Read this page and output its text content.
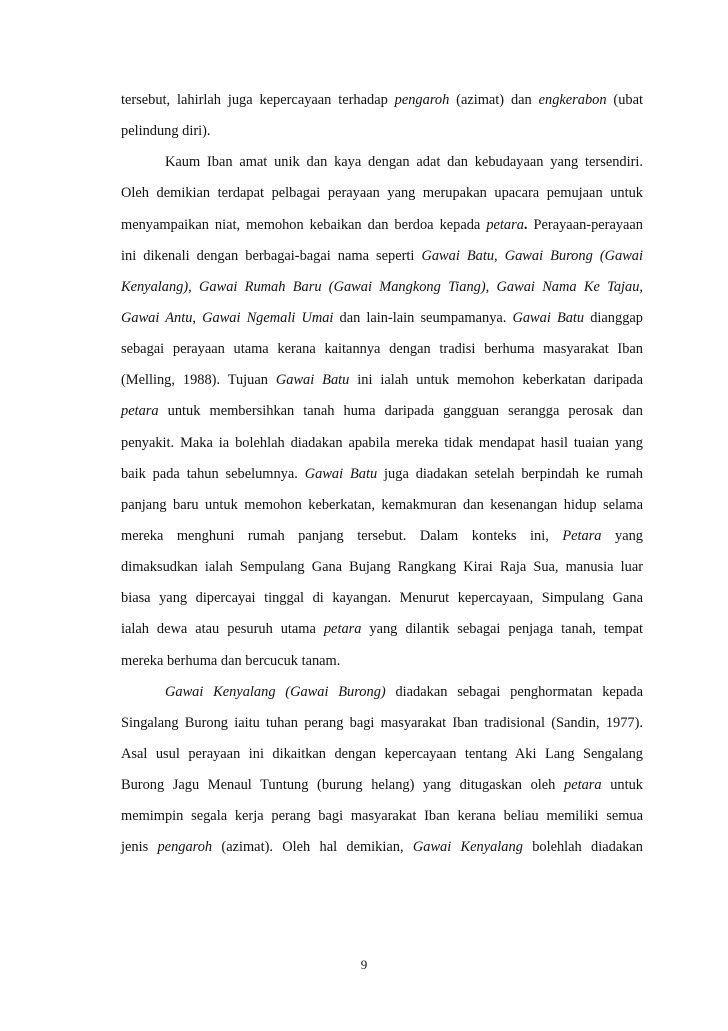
tersebut, lahirlah juga kepercayaan terhadap pengaroh (azimat) dan engkerabon (ubat
pelindung diri).
Kaum Iban amat unik dan kaya dengan adat dan kebudayaan yang tersendiri.
Oleh demikian terdapat pelbagai perayaan yang merupakan upacara pemujaan untuk
menyampaikan niat, memohon kebaikan dan berdoa kepada petara. Perayaan-perayaan
ini dikenali dengan berbagai-bagai nama seperti Gawai Batu, Gawai Burong (Gawai
Kenyalang), Gawai Rumah Baru (Gawai Mangkong Tiang), Gawai Nama Ke Tajau,
Gawai Antu, Gawai Ngemali Umai dan lain-lain seumpamanya. Gawai Batu dianggap
sebagai perayaan utama kerana kaitannya dengan tradisi berhuma masyarakat Iban
(Melling, 1988). Tujuan Gawai Batu ini ialah untuk memohon keberkatan daripada
petara untuk membersihkan tanah huma daripada gangguan serangga perosak dan
penyakit. Maka ia bolehlah diadakan apabila mereka tidak mendapat hasil tuaian yang
baik pada tahun sebelumnya. Gawai Batu juga diadakan setelah berpindah ke rumah
panjang baru untuk memohon keberkatan, kemakmuran dan kesenangan hidup selama
mereka menghuni rumah panjang tersebut. Dalam konteks ini, Petara yang
dimaksudkan ialah Sempulang Gana Bujang Rangkang Kirai Raja Sua, manusia luar
biasa yang dipercayai tinggal di kayangan. Menurut kepercayaan, Simpulang Gana
ialah dewa atau pesuruh utama petara yang dilantik sebagai penjaga tanah, tempat
mereka berhuma dan bercucuk tanam.
Gawai Kenyalang (Gawai Burong) diadakan sebagai penghormatan kepada
Singalang Burong iaitu tuhan perang bagi masyarakat Iban tradisional (Sandin, 1977).
Asal usul perayaan ini dikaitkan dengan kepercayaan tentang Aki Lang Sengalang
Burong Jagu Menaul Tuntung (burung helang) yang ditugaskan oleh petara untuk
memimpin segala kerja perang bagi masyarakat Iban kerana beliau memiliki semua
jenis pengaroh (azimat). Oleh hal demikian, Gawai Kenyalang bolehlah diadakan
9
